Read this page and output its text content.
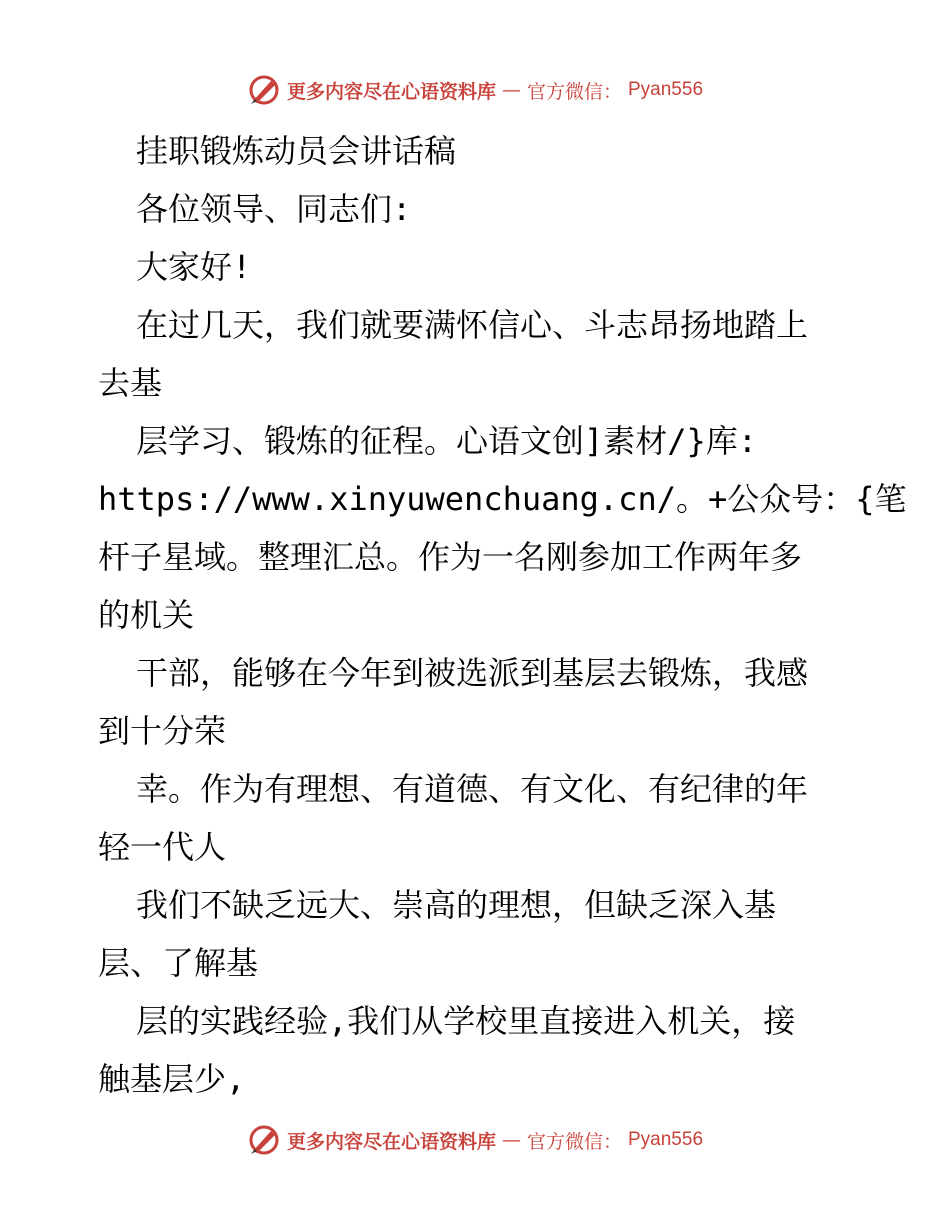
更多内容尽在心语资料库 — 官方微信： Pyan556
挂职锻炼动员会讲话稿
各位领导、同志们:
大家好!
在过几天，我们就要满怀信心、斗志昂扬地踏上
去基
层学习、锻炼的征程。心语文创]素材/}库:
https://www.xinyuwenchuang.cn/。+公众号：{笔
杆子星域。整理汇总。作为一名刚参加工作两年多
的机关
干部，能够在今年到被选派到基层去锻炼，我感
到十分荣
幸。作为有理想、有道德、有文化、有纪律的年
轻一代人
我们不缺乏远大、崇高的理想，但缺乏深入基
层、了解基
层的实践经验,我们从学校里直接进入机关，接
触基层少,
更多内容尽在心语资料库 — 官方微信： Pyan556
